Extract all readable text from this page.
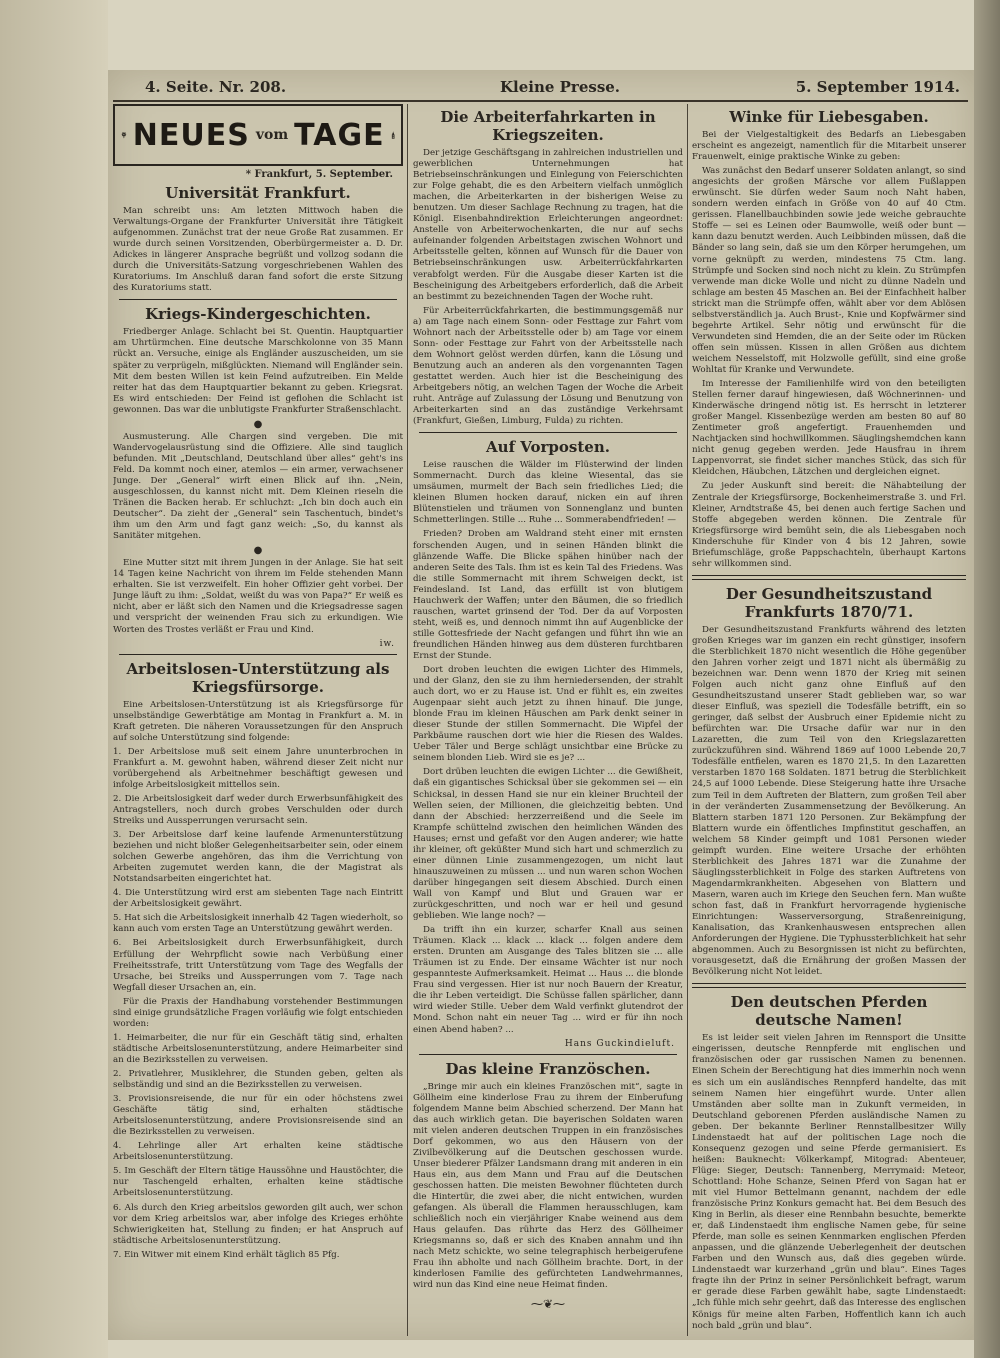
4. Seite. Nr. 208.	Kleine Presse.	5. September 1914.
NEUES vom TAGE
* Frankfurt, 5. September.
Universität Frankfurt.

Man schreibt uns: Am letzten Mittwoch haben die Verwaltungs-Organe der Frankfurter Universität ihre Tätigkeit aufgenommen. Zunächst trat der neue Große Rat zusammen. Er wurde durch seinen Vorsitzenden, Oberbürgermeister a. D. Dr. Adickes in längerer Ansprache begrüßt und vollzog sodann die durch die Universitäts-Satzung vorgeschriebenen Wahlen des Kuratoriums. Im Anschluß daran fand sofort die erste Sitzung des Kuratoriums statt.

Kriegs-Kindergeschichten.

Friedberger Anlage. Schlacht bei St. Quentin. Hauptquartier am Uhrtürmchen. Eine deutsche Marschkolonne von 35 Mann rückt an. Versuche, einige als Engländer auszuscheiden, um sie später zu verprügeln, mißglückten. Niemand will Engländer sein. Mit dem besten Willen ist kein Feind aufzutreiben. Ein Melde reiter hat das dem Hauptquartier bekannt zu geben. Kriegsrat. Es wird entschieden: Der Feind ist geflohen die Schlacht ist gewonnen. Das war die unblutigste Frankfurter Straßenschlacht.

●

Ausmusterung. Alle Chargen sind vergeben. Die mit Wandervogelausrüstung sind die Offiziere. Alle sind tauglich befunden. Mit „Deutschland, Deutschland über alles“ geht's ins Feld. Da kommt noch einer, atemlos — ein armer, verwachsener Junge. Der „General“ wirft einen Blick auf ihn. „Nein, ausgeschlossen, du kannst nicht mit. Dem Kleinen rieseln die Tränen die Backen herab. Er schluchzt: „Ich bin doch auch ein Deutscher“. Da zieht der „General“ sein Taschentuch, bindet's ihm um den Arm und fagt ganz weich: „So, du kannst als Sanitäter mitgehen.

●

Eine Mutter sitzt mit ihrem Jungen in der Anlage. Sie hat seit 14 Tagen keine Nachricht von ihrem im Felde stehenden Mann erhalten. Sie ist verzweifelt. Ein hoher Offizier geht vorbei. Der Junge läuft zu ihm: „Soldat, weißt du was von Papa?“ Er weiß es nicht, aber er läßt sich den Namen und die Kriegsadresse sagen und verspricht der weinenden Frau sich zu erkundigen. Wie Worten des Trostes verläßt er Frau und Kind.

iw.
Arbeitslosen-Unterstützung als Kriegsfürsorge.

Eine Arbeitslosen-Unterstützung ist als Kriegsfürsorge für unselbständige Gewerbtätige am Montag in Frankfurt a. M. in Kraft getreten. Die näheren Voraussetzungen für den Anspruch auf solche Unterstützung sind folgende:

1. Der Arbeitslose muß seit einem Jahre ununterbrochen in Frankfurt a. M. gewohnt haben, während dieser Zeit nicht nur vorübergehend als Arbeitnehmer beschäftigt gewesen und infolge Arbeitslosigkeit mittellos sein.

2. Die Arbeitslosigkeit darf weder durch Erwerbsunfähigkeit des Antragstellers, noch durch grobes Verschulden oder durch Streiks und Aussperrungen verursacht sein.

3. Der Arbeitslose darf keine laufende Armenunterstützung beziehen und nicht bloßer Gelegenheitsarbeiter sein, oder einem solchen Gewerbe angehören, das ihm die Verrichtung von Arbeiten zugemutet werden kann, die der Magistrat als Notstandsarbeiten eingerichtet hat.

4. Die Unterstützung wird erst am siebenten Tage nach Eintritt der Arbeitslosigkeit gewährt.

5. Hat sich die Arbeitslosigkeit innerhalb 42 Tagen wiederholt, so kann auch vom ersten Tage an Unterstützung gewährt werden.

6. Bei Arbeitslosigkeit durch Erwerbsunfähigkeit, durch Erfüllung der Wehrpflicht sowie nach Verbüßung einer Freiheitsstrafe, tritt Unterstützung vom Tage des Wegfalls der Ursache, bei Streiks und Aussperrungen vom 7. Tage nach Wegfall dieser Ursachen an, ein.

Für die Praxis der Handhabung vorstehender Bestimmungen sind einige grundsätzliche Fragen vorläufig wie folgt entschieden worden:

1. Heimarbeiter, die nur für ein Geschäft tätig sind, erhalten städtische Arbeitslosenunterstützung, andere Heimarbeiter sind an die Bezirksstellen zu verweisen.

2. Privatlehrer, Musiklehrer, die Stunden geben, gelten als selbständig und sind an die Bezirksstellen zu verweisen.

3. Provisionsreisende, die nur für ein oder höchstens zwei Geschäfte tätig sind, erhalten städtische Arbeitslosenunterstützung, andere Provisionsreisende sind an die Bezirksstellen zu verweisen.

4. Lehrlinge aller Art erhalten keine städtische Arbeitslosenunterstützung.

5. Im Geschäft der Eltern tätige Haussöhne und Haustöchter, die nur Taschengeld erhalten, erhalten keine städtische Arbeitslosenunterstützung.

6. Als durch den Krieg arbeitslos geworden gilt auch, wer schon vor dem Krieg arbeitslos war, aber infolge des Krieges erhöhte Schwierigkeiten hat, Stellung zu finden; er hat Anspruch auf städtische Arbeitslosenunterstützung.

7. Ein Witwer mit einem Kind erhält täglich 85 Pfg.

Die Arbeiterfahrkarten in Kriegszeiten.

Der jetzige Geschäftsgang in zahlreichen industriellen und gewerblichen Unternehmungen hat Betriebseinschränkungen und Einlegung von Feierschichten zur Folge gehabt, die es den Arbeitern vielfach unmöglich machen, die Arbeiterkarten in der bisherigen Weise zu benutzen. Um dieser Sachlage Rechnung zu tragen, hat die Königl. Eisenbahndirektion Erleichterungen angeordnet: Anstelle von Arbeiterwochenkarten, die nur auf sechs aufeinander folgenden Arbeitstagen zwischen Wohnort und Arbeitsstelle gelten, können auf Wunsch für die Dauer von Betriebseinschränkungen usw. Arbeiterrückfahrkarten verabfolgt werden. Für die Ausgabe dieser Karten ist die Bescheinigung des Arbeitgebers erforderlich, daß die Arbeit an bestimmt zu bezeichnenden Tagen der Woche ruht.

Für Arbeiterrückfahrkarten, die bestimmungsgemäß nur a) am Tage nach einem Sonn- oder Festtage zur Fahrt vom Wohnort nach der Arbeitsstelle oder b) am Tage vor einem Sonn- oder Festtage zur Fahrt von der Arbeitsstelle nach dem Wohnort gelöst werden dürfen, kann die Lösung und Benutzung auch an anderen als den vorgenannten Tagen gestattet werden. Auch hier ist die Bescheinigung des Arbeitgebers nötig, an welchen Tagen der Woche die Arbeit ruht. Anträge auf Zulassung der Lösung und Benutzung von Arbeiterkarten sind an das zuständige Verkehrsamt (Frankfurt, Gießen, Limburg, Fulda) zu richten.

Auf Vorposten.

Leise rauschen die Wälder im Flüsterwind der linden Sommernacht. Durch das kleine Wiesental, das sie umsäumen, murmelt der Bach sein friedliches Lied; die kleinen Blumen hocken darauf, nicken ein auf ihren Blütenstielen und träumen von Sonnenglanz und bunten Schmetterlingen. Stille ... Ruhe ... Sommerabendfrieden! —

Frieden? Droben am Waldrand steht einer mit ernsten forschenden Augen, und in seinen Händen blinkt die glänzende Waffe. Die Blicke spähen hinüber nach der anderen Seite des Tals. Ihm ist es kein Tal des Friedens. Was die stille Sommernacht mit ihrem Schweigen deckt, ist Feindesland. Ist Land, das erfüllt ist von blutigem Hauchwerk der Waffen; unter den Bäumen, die so friedlich rauschen, wartet grinsend der Tod. Der da auf Vorposten steht, weiß es, und dennoch nimmt ihn auf Augenblicke der stille Gottesfriede der Nacht gefangen und führt ihn wie an freundlichen Händen hinweg aus dem düsteren furchtbaren Ernst der Stunde.

Dort droben leuchten die ewigen Lichter des Himmels, und der Glanz, den sie zu ihm herniedersenden, der strahlt auch dort, wo er zu Hause ist. Und er fühlt es, ein zweites Augenpaar sieht auch jetzt zu ihnen hinauf. Die junge, blonde Frau im kleinen Häuschen am Park denkt seiner in dieser Stunde der stillen Sommernacht. Die Wipfel der Parkbäume rauschen dort wie hier die Riesen des Waldes. Ueber Täler und Berge schlägt unsichtbar eine Brücke zu seinem blonden Lieb. Wird sie es je? ...

Dort drüben leuchten die ewigen Lichter ... die Gewißheit, daß ein gigantisches Schicksal über sie gekommen sei — ein Schicksal, in dessen Hand sie nur ein kleiner Bruchteil der Wellen seien, der Millionen, die gleichzeitig bebten. Und dann der Abschied: herzzerreißend und die Seele im Krampfe schüttelnd zwischen den heimlichen Wänden des Hauses; ernst und gefaßt vor den Augen anderer; wie hatte ihr kleiner, oft geküßter Mund sich hart und schmerzlich zu einer dünnen Linie zusammengezogen, um nicht laut hinauszuweinen zu müssen ... und nun waren schon Wochen darüber hingegangen seit diesem Abschied. Durch einen Wall von Kampf und Blut und Grauen war er zurückgeschritten, und noch war er heil und gesund geblieben. Wie lange noch? —

Da trifft ihn ein kurzer, scharfer Knall aus seinen Träumen. Klack ... klack ... klack ... folgen andere dem ersten. Drunten am Ausgange des Tales blitzen sie ... alle Träumen ist zu Ende. Der einsame Wächter ist nur noch gespannteste Aufmerksamkeit. Heimat ... Haus ... die blonde Frau sind vergessen. Hier ist nur noch Bauern der Kreatur, die ihr Leben verteidigt. Die Schüsse fallen spärlicher, dann wird wieder Stille. Ueber dem Wald verfinkt glutendrot der Mond. Schon naht ein neuer Tag ... wird er für ihn noch einen Abend haben? ...

Hans Guckindieluft.
Das kleine Französchen.

„Bringe mir auch ein kleines Französchen mit“, sagte in Göllheim eine kinderlose Frau zu ihrem der Einberufung folgendem Manne beim Abschied scherzend. Der Mann hat das auch wirklich getan. Die bayerischen Soldaten waren mit vielen anderen deutschen Truppen in ein französisches Dorf gekommen, wo aus den Häusern von der Zivilbevölkerung auf die Deutschen geschossen wurde. Unser biederer Pfälzer Landsmann drang mit anderen in ein Haus ein, aus dem Mann und Frau auf die Deutschen geschossen hatten. Die meisten Bewohner flüchteten durch die Hintertür, die zwei aber, die nicht entwichen, wurden gefangen. Als überall die Flammen herausschlugen, kam schließlich noch ein vierjähriger Knabe weinend aus dem Haus gelaufen. Das rührte das Herz des Göllheimer Kriegsmanns so, daß er sich des Knaben annahm und ihn nach Metz schickte, wo seine telegraphisch herbeigerufene Frau ihn abholte und nach Göllheim brachte. Dort, in der kinderlosen Familie des gefürchteten Landwehrmannes, wird nun das Kind eine neue Heimat finden.

⁓❦⁓
Winke für Liebesgaben.

Bei der Vielgestaltigkeit des Bedarfs an Liebesgaben erscheint es angezeigt, namentlich für die Mitarbeit unserer Frauenwelt, einige praktische Winke zu geben:

Was zunächst den Bedarf unserer Soldaten anlangt, so sind angesichts der großen Märsche vor allem Fußlappen erwünscht. Sie dürfen weder Saum noch Naht haben, sondern werden einfach in Größe von 40 auf 40 Ctm. gerissen. Flanellbauchbinden sowie jede weiche gebrauchte Stoffe — sei es Leinen oder Baumwolle, weiß oder bunt — kann dazu benutzt werden. Auch Leibbinden müssen, daß die Bänder so lang sein, daß sie um den Körper herumgehen, um vorne geknüpft zu werden, mindestens 75 Ctm. lang. Strümpfe und Socken sind noch nicht zu klein. Zu Strümpfen verwende man dicke Wolle und nicht zu dünne Nadeln und schlage am besten 45 Maschen an. Bei der Einfachheit halber strickt man die Strümpfe offen, wählt aber vor dem Ablösen selbstverständlich ja. Auch Brust-, Knie und Kopfwärmer sind begehrte Artikel. Sehr nötig und erwünscht für die Verwundeten sind Hemden, die an der Seite oder im Rücken offen sein müssen. Kissen in allen Größen aus dichtem weichem Nesselstoff, mit Holzwolle gefüllt, sind eine große Wohltat für Kranke und Verwundete.

Im Interesse der Familienhilfe wird von den beteiligten Stellen ferner darauf hingewiesen, daß Wöchnerinnen- und Kinderwäsche dringend nötig ist. Es herrscht in letzterer großer Mangel. Kissenbezüge werden am besten 80 auf 80 Zentimeter groß angefertigt. Frauenhemden und Nachtjacken sind hochwillkommen. Säuglingshemdchen kann nicht genug gegeben werden. Jede Hausfrau in ihrem Lappenvorrat, sie findet sicher manches Stück, das sich für Kleidchen, Häubchen, Lätzchen und dergleichen eignet.

Zu jeder Auskunft sind bereit: die Nähabteilung der Zentrale der Kriegsfürsorge, Bockenheimerstraße 3. und Frl. Kleiner, Arndtstraße 45, bei denen auch fertige Sachen und Stoffe abgegeben werden können. Die Zentrale für Kriegsfürsorge wird bemüht sein, die als Liebesgaben noch Kinderschuhe für Kinder von 4 bis 12 Jahren, sowie Briefumschläge, große Pappschachteln, überhaupt Kartons sehr willkommen sind.

Der Gesundheitszustand Frankfurts 1870/71.

Der Gesundheitszustand Frankfurts während des letzten großen Krieges war im ganzen ein recht günstiger, insofern die Sterblichkeit 1870 nicht wesentlich die Höhe gegenüber den Jahren vorher zeigt und 1871 nicht als übermäßig zu bezeichnen war. Denn wenn 1870 der Krieg mit seinen Folgen auch nicht ganz ohne Einfluß auf den Gesundheitszustand unserer Stadt geblieben war, so war dieser Einfluß, was speziell die Todesfälle betrifft, ein so geringer, daß selbst der Ausbruch einer Epidemie nicht zu befürchten war. Die Ursache dafür war nur in den Lazaretten, die zum Teil von den Kriegslazaretten zurückzuführen sind. Während 1869 auf 1000 Lebende 20,7 Todesfälle entfielen, waren es 1870 21,5. In den Lazaretten verstarben 1870 168 Soldaten. 1871 betrug die Sterblichkeit 24,5 auf 1000 Lebende. Diese Steigerung hatte ihre Ursache zum Teil in dem Auftreten der Blattern, zum großen Teil aber in der veränderten Zusammensetzung der Bevölkerung. An Blattern starben 1871 120 Personen. Zur Bekämpfung der Blattern wurde ein öffentliches Impfinstitut geschaffen, an welchem 58 Kinder geimpft und 1081 Personen wieder geimpft wurden. Eine weitere Ursache der erhöhten Sterblichkeit des Jahres 1871 war die Zunahme der Säuglingssterblichkeit in Folge des starken Auftretens von Magendarmkrankheiten. Abgesehen von Blattern und Masern, waren auch im Kriege den Seuchen fern. Man wußte schon fast, daß in Frankfurt hervorragende hygienische Einrichtungen: Wasserversorgung, Straßenreinigung, Kanalisation, das Krankenhauswesen entsprechen allen Anforderungen der Hygiene. Die Typhussterblichkeit hat sehr abgenommen. Auch zu Besorgnissen ist nicht zu befürchten, vorausgesetzt, daß die Ernährung der großen Massen der Bevölkerung nicht Not leidet.

Den deutschen Pferden deutsche Namen!

Es ist leider seit vielen Jahren im Rennsport die Unsitte eingerissen, deutsche Rennpferde mit englischen und französischen oder gar russischen Namen zu benennen. Einen Schein der Berechtigung hat dies immerhin noch wenn es sich um ein ausländisches Rennpferd handelte, das mit seinem Namen hier eingeführt wurde. Unter allen Umständen aber sollte man in Zukunft vermeiden, in Deutschland geborenen Pferden ausländische Namen zu geben. Der bekannte Berliner Rennstallbesitzer Willy Lindenstaedt hat auf der politischen Lage noch die Konsequenz gezogen und seine Pferde germanisiert. Es heißen: Bauknecht: Völkerkampf, Mitograd: Abenteuer, Flüge: Sieger, Deutsch: Tannenberg, Merrymaid: Meteor, Schottland: Hohe Schanze, Seinen Pferd von Sagan hat er mit viel Humor Bettelmann genannt, nachdem der edle französische Prinz Konkurs gemacht hat. Bei dem Besuch des King in Berlin, als dieser eine Rennbahn besuchte, bemerkte er, daß Lindenstaedt ihm englische Namen gebe, für seine Pferde, man solle es seinen Kennmarken englischen Pferden anpassen, und die glänzende Ueberlegenheit der deutschen Farben und den Wunsch aus, daß dies gegeben würde. Lindenstaedt war kurzerhand „grün und blau“. Eines Tages fragte ihn der Prinz in seiner Persönlichkeit befragt, warum er gerade diese Farben gewählt habe, sagte Lindenstaedt: „Ich fühle mich sehr geehrt, daß das Interesse des englischen Königs für meine alten Farben, Hoffentlich kann ich auch noch bald „grün und blau“.
